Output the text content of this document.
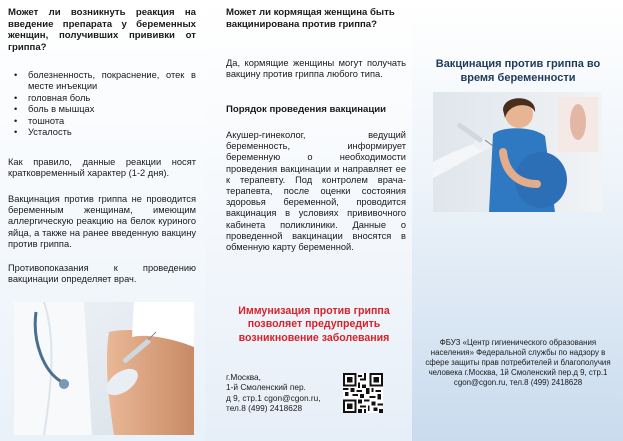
Может ли возникнуть реакция на введение препарата у беременных женщин, получивших прививки от гриппа?

• болезненность, покраснение, отек в месте инъекции
• головная боль
• боль в мышцах
• тошнота
• Усталость

Как правило, данные реакции носят кратковременный характер (1-2 дня).

Вакцинация против гриппа не проводится беременным женщинам, имеющим аллергическую реакцию на белок куриного яйца, а также на ранее введенную вакцину против гриппа.

Противопоказания к проведению вакцинации определяет врач.

Может ли кормящая женщина быть вакцинирована против гриппа?

Да, кормящие женщины могут получать вакцину против гриппа любого типа.

Порядок проведения вакцинации

Акушер-гинеколог, ведущий беременность, информирует беременную о необходимости проведения вакцинации и направляет ее к терапевту. Под контролем врача-терапевта, после оценки состояния здоровья беременной, проводится вакцинация в условиях прививочного кабинета поликлиники. Данные о проведенной вакцинации вносятся в обменную карту беременной.

Иммунизация против гриппа позволяет предупредить возникновение заболевания

г.Москва,

1-й Смоленский пер.

д 9, стр.1 cgon@cgon.ru,

тел.8 (499) 2418628

Вакцинация против гриппа во время беременности

ФБУЗ «Центр гигиенического образования населения» Федеральной службы по надзору в сфере защиты прав потребителей и благополучия человека г.Москва, 1й Смоленский пер.д 9, стр.1 cgon@cgon.ru, тел.8 (499) 2418628
